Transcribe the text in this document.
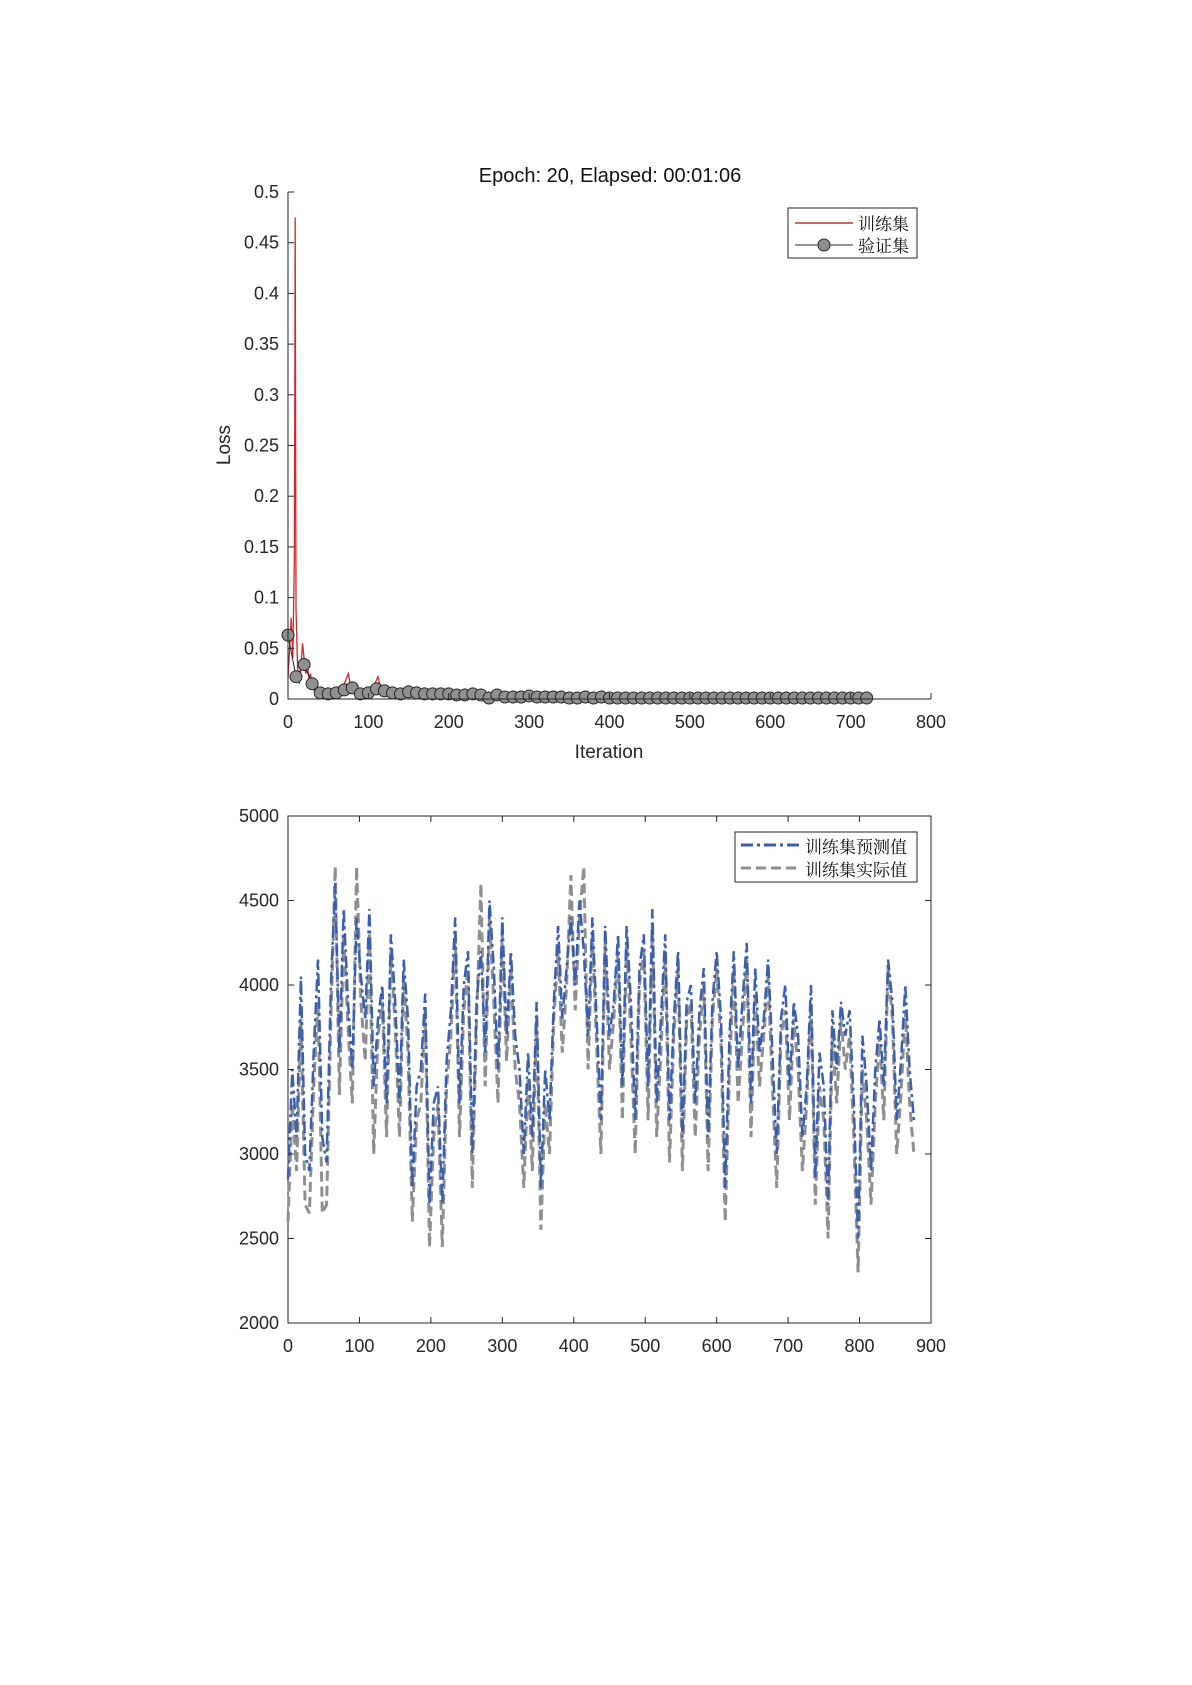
Epoch: 20, Elapsed: 00:01:06
0	100	200	300	400	500	600	700	800
0
0.05
0.1
0.15
0.2
0.25
0.3
0.35
0.4
0.45
0.5
Iteration
Loss
训练集
验证集
0	100 200 300 400 500 600 700 800 900
2000
2500
3000
3500
4000
4500
5000
训练集预测值
训练集实际值
